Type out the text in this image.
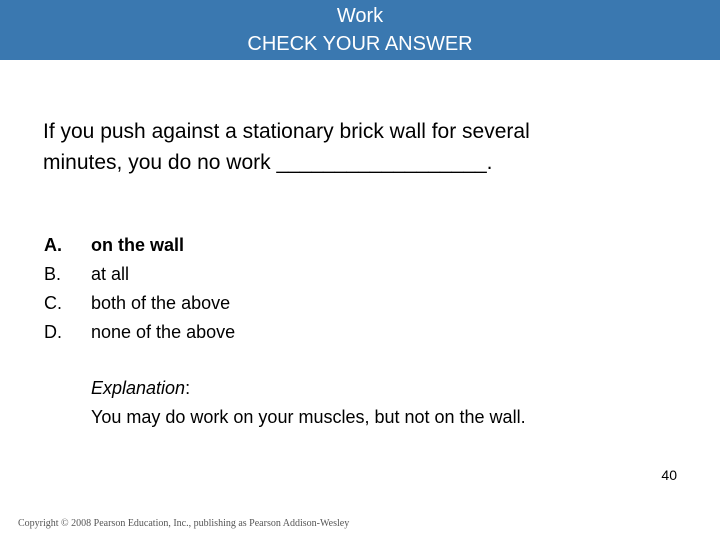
Work
CHECK YOUR ANSWER
If you push against a stationary brick wall for several
minutes, you do no work __________________.
A.	on the wall
B.	at all
C.	both of the above
D.	none of the above
Explanation:
You may do work on your muscles, but not on the wall.
40
Copyright © 2008 Pearson Education, Inc., publishing as Pearson Addison-Wesley
